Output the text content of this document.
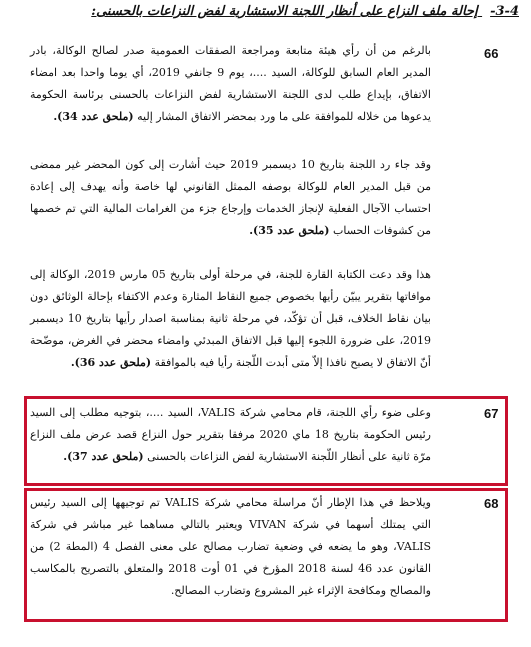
3-4- إحالة ملف النزاع على أنظار اللجنة الاستشارية لفض النزاعات بالحسنى:
66
بالرغم من أن رأي هيئة متابعة ومراجعة الصفقات العمومية صدر لصالح الوكالة، بادر المدير العام السابق للوكالة، السيد ....، يوم 9 جانفي 2019، أي يوما واحدا بعد امضاء الاتفاق، بإيداع طلب لدى اللجنة الاستشارية لفض النزاعات بالحسنى برئاسة الحكومة يدعوها من خلاله للموافقة على ما ورد بمحضر الاتفاق المشار إليه (ملحق عدد 34).
وقد جاء رد اللجنة بتاريخ 10 ديسمبر 2019 حيث أشارت إلى كون المحضر غير ممضى من قبل المدير العام للوكالة بوصفه الممثل القانوني لها خاصة وأنه يهدف إلى إعادة احتساب الآجال الفعلية لإنجاز الخدمات وإرجاع جزء من الغرامات المالية التي تم خصمها من كشوفات الحساب (ملحق عدد 35).
هذا وقد دعت الكتابة القارة للجنة، في مرحلة أولى بتاريخ 05 مارس 2019، الوكالة إلى موافاتها بتقرير يبيّن رأيها بخصوص جميع النقاط المثارة وعدم الاكتفاء بإحالة الوثائق دون بيان نقاط الخلاف، قبل أن تؤكّد، في مرحلة ثانية بمناسبة اصدار رأيها بتاريخ 10 ديسمبر 2019، على ضرورة اللجوء إليها قبل الاتفاق المبدئي وامضاء محضر في الغرض، موضّحة أنّ الاتفاق لا يصبح نافذا إلاّ متى أبدت اللّجنة رأيا فيه بالموافقة (ملحق عدد 36).
67
وعلى ضوء رأي اللجنة، قام محامي شركة VALIS، السيد ....، بتوجيه مطلب إلى السيد رئيس الحكومة بتاريخ 18 ماي 2020 مرفقا بتقرير حول النزاع قصد عرض ملف النزاع مرّة ثانية على أنظار اللّجنة الاستشارية لفض النزاعات بالحسنى (ملحق عدد 37).
68
ويلاحظ في هذا الإطار أنّ مراسلة محامي شركة VALIS تم توجيهها إلى السيد رئيس التي يمتلك أسهما في شركة VIVAN ويعتبر بالتالي مساهما غير مباشر في شركة VALIS، وهو ما يضعه في وضعية تضارب مصالح على معنى الفصل 4 (المطة 2) من القانون عدد 46 لسنة 2018 المؤرخ في 01 أوت 2018 والمتعلق بالتصريح بالمكاسب والمصالح ومكافحة الإثراء غير المشروع وتضارب المصالح.
